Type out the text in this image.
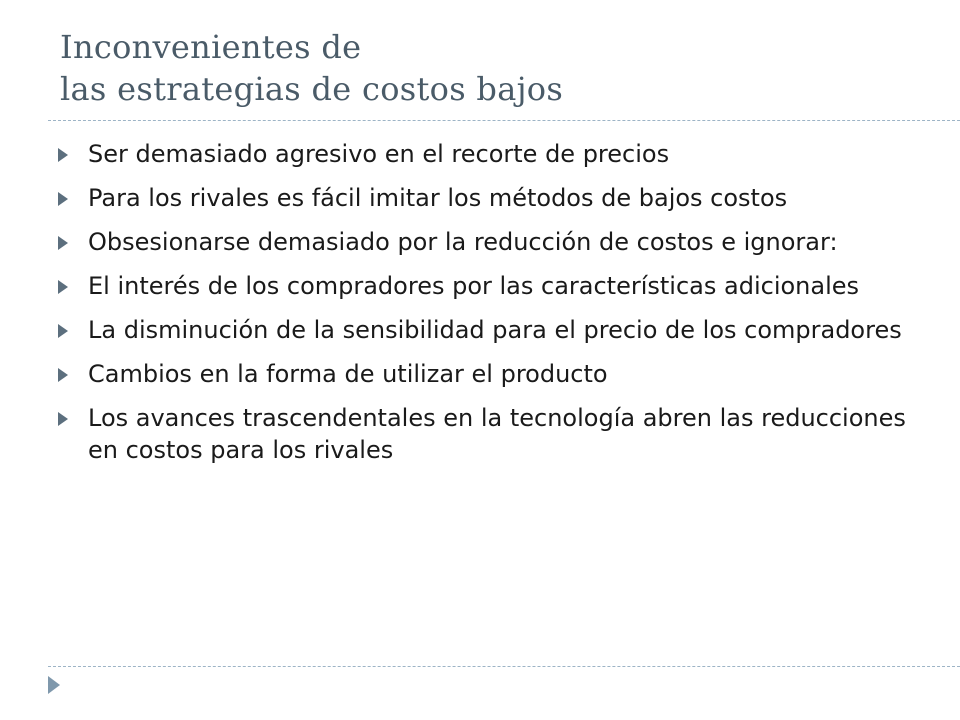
Inconvenientes de
las estrategias de costos bajos
Ser demasiado agresivo en el recorte de precios
Para los rivales es fácil imitar los métodos de bajos costos
Obsesionarse demasiado por la reducción de costos e ignorar:
El interés de los compradores por las características adicionales
La disminución de la sensibilidad para el precio de los compradores
Cambios en la forma de utilizar el producto
Los avances trascendentales en la tecnología abren las reducciones en costos para los rivales
